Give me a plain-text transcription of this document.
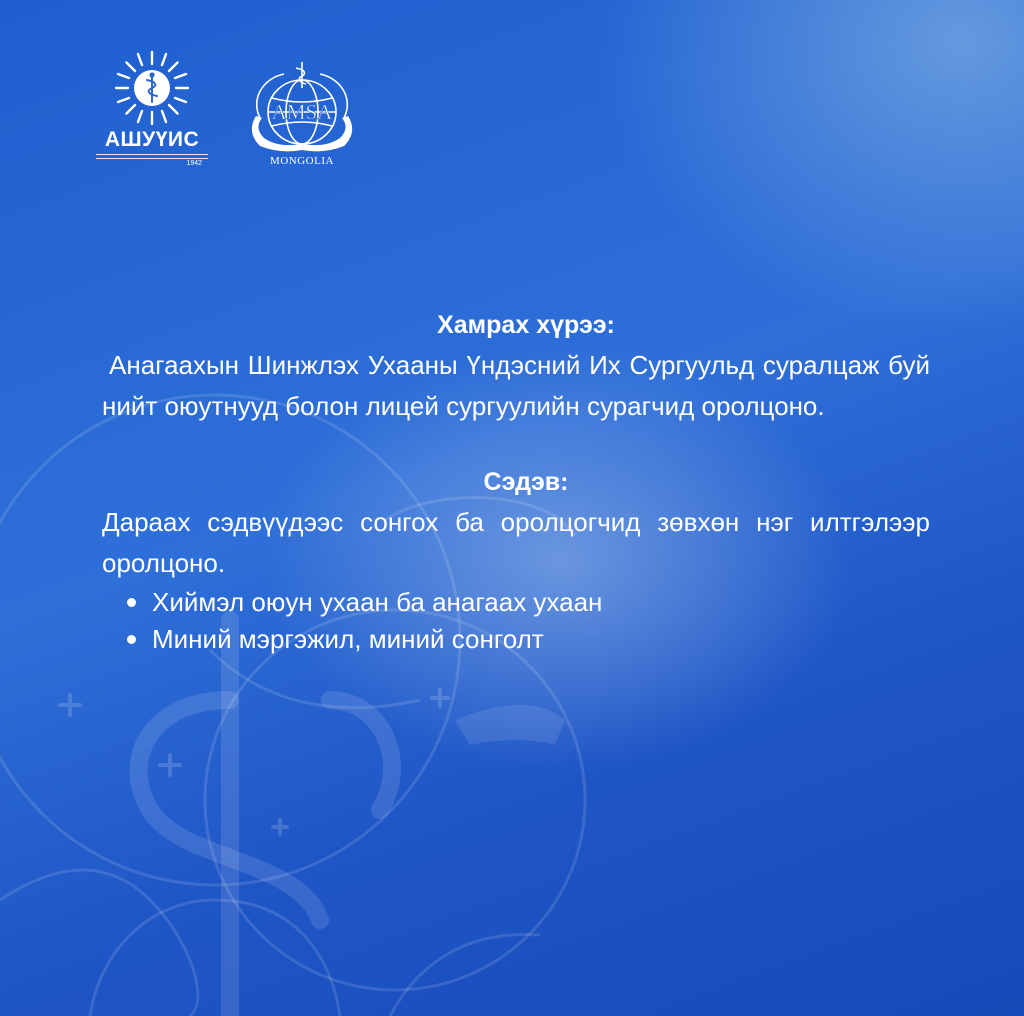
АШУҮИС
1942
AMSA
MONGOLIA
Хамрах хүрээ:

Анагаахын Шинжлэх Ухааны Үндэсний Их Сургуульд суралцаж буй нийт оюутнууд болон лицей сургуулийн сурагчид оролцоно.

Сэдэв:

Дараах сэдвүүдээс сонгох ба оролцогчид зөвхөн нэг илтгэлээр оролцоно.

Хиймэл оюун ухаан ба анагаах ухаан
Миний мэргэжил, миний сонголт
